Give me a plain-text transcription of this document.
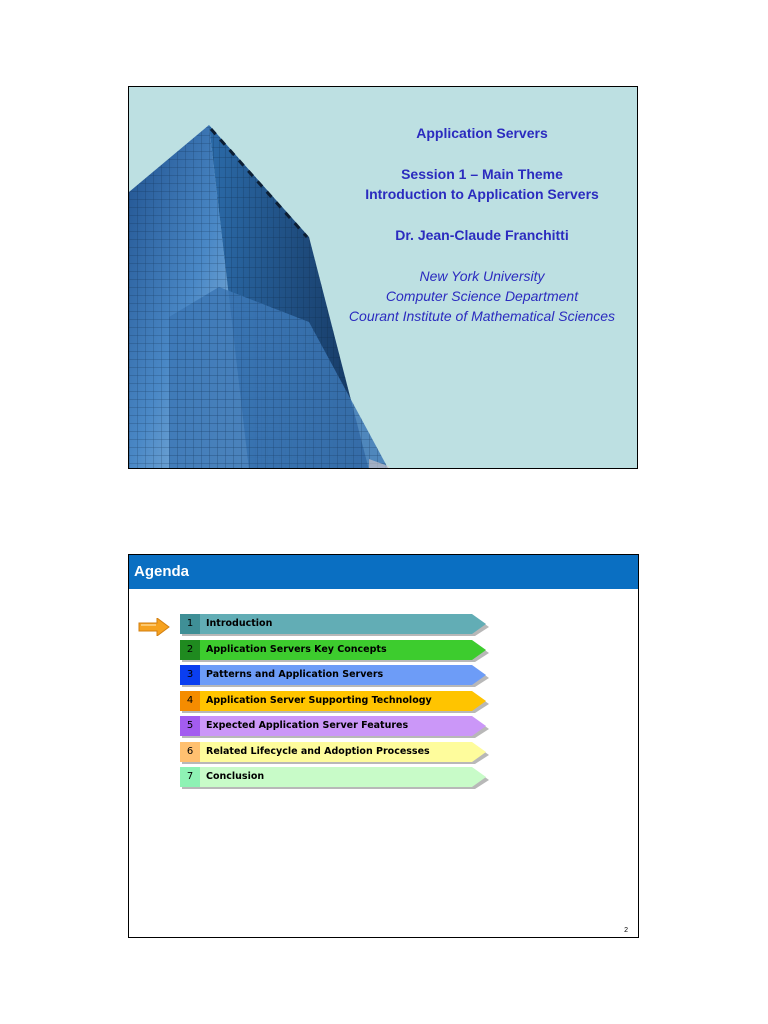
Application Servers
Session 1 – Main Theme
Introduction to Application Servers
Dr. Jean-Claude Franchitti
New York University
Computer Science Department
Courant Institute of Mathematical Sciences
Agenda
1	Introduction
2	Application Servers Key Concepts
3	Patterns and Application Servers
4	Application Server Supporting Technology
5	Expected Application Server Features
6	Related Lifecycle and Adoption Processes
7	Conclusion
2
